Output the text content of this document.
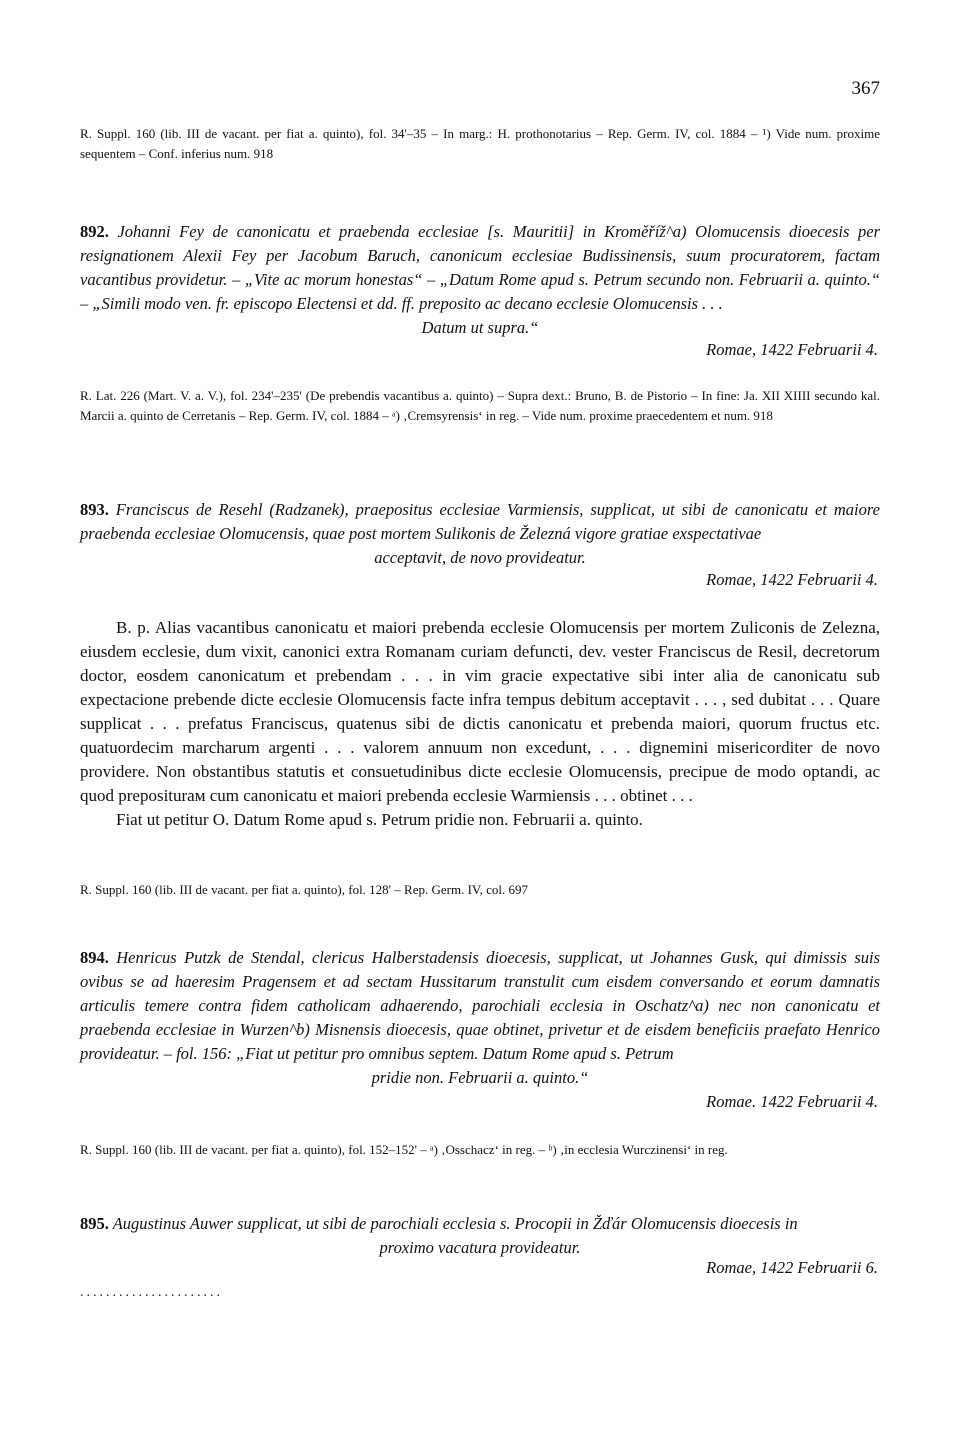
367
R. Suppl. 160 (lib. III de vacant. per fiat a. quinto), fol. 34'–35 – In marg.: H. prothonotarius – Rep. Germ. IV, col. 1884 – ¹) Vide num. proxime sequentem – Conf. inferius num. 918
892. Johanni Fey de canonicatu et praebenda ecclesiae [s. Mauritii] in Kroměříž^a) Olomucensis dioecesis per resignationem Alexii Fey per Jacobum Baruch, canonicum ecclesiae Budissinensis, suum procuratorem, factam vacantibus providetur. – „Vite ac morum honestas“ – „Datum Rome apud s. Petrum secundo non. Februarii a. quinto.“ – „Simili modo ven. fr. episcopo Electensi et dd. ff. preposito ac decano ecclesie Olomucensis . . .
Datum ut supra.“
Romae, 1422 Februarii 4.
R. Lat. 226 (Mart. V. a. V.), fol. 234'–235' (De prebendis vacantibus a. quinto) – Supra dext.: Bruno, B. de Pistorio – In fine: Ja. XII XIIII secundo kal. Marcii a. quinto de Cerretanis – Rep. Germ. IV, col. 1884 – ᵃ) ‚Cremsyrensis‘ in reg. – Vide num. proxime praecedentem et num. 918
893. Franciscus de Resehl (Radzanek), praepositus ecclesiae Varmiensis, supplicat, ut sibi de canonicatu et maiore praebenda ecclesiae Olomucensis, quae post mortem Sulikonis de Železná vigore gratiae exspectativae
acceptavit, de novo provideatur.
Romae, 1422 Februarii 4.

B. p. Alias vacantibus canonicatu et maiori prebenda ecclesie Olomucensis per mortem Zuliconis de Zelezna, eiusdem ecclesie, dum vixit, canonici extra Romanam curiam defuncti, dev. vester Franciscus de Resil, decretorum doctor, eosdem canonicatum et prebendam . . . in vim gracie expectative sibi inter alia de canonicatu sub expectacione prebende dicte ecclesie Olomucensis facte infra tempus debitum acceptavit . . . , sed dubitat . . . Quare supplicat . . . prefatus Franciscus, quatenus sibi de dictis canonicatu et prebenda maiori, quorum fructus etc. quatuordecim marcharum argenti . . . valorem annuum non excedunt, . . . dignemini misericorditer de novo providere. Non obstantibus statutis et consuetudinibus dicte ecclesie Olomucensis, precipue de modo optandi, ac quod prepositurам cum canonicatu et maiori prebenda ecclesie Warmiensis . . . obtinet . . .

Fiat ut petitur O. Datum Rome apud s. Petrum pridie non. Februarii a. quinto.

R. Suppl. 160 (lib. III de vacant. per fiat a. quinto), fol. 128' – Rep. Germ. IV, col. 697
894. Henricus Putzk de Stendal, clericus Halberstadensis dioecesis, supplicat, ut Johannes Gusk, qui dimissis suis ovibus se ad haeresim Pragensem et ad sectam Hussitarum transtulit cum eisdem conversando et eorum damnatis articulis temere contra fidem catholicam adhaerendo, parochiali ecclesia in Oschatz^a) nec non canonicatu et praebenda ecclesiae in Wurzen^b) Misnensis dioecesis, quae obtinet, privetur et de eisdem beneficiis praefato Henrico provideatur. – fol. 156: „Fiat ut petitur pro omnibus septem. Datum Rome apud s. Petrum
pridie non. Februarii a. quinto.“
Romae. 1422 Februarii 4.
R. Suppl. 160 (lib. III de vacant. per fiat a. quinto), fol. 152–152' – ᵃ) ‚Osschacz‘ in reg. – ᵇ) ‚in ecclesia Wurczinensi‘ in reg.
895. Augustinus Auwer supplicat, ut sibi de parochiali ecclesia s. Procopii in Žďár Olomucensis dioecesis in
proximo vacatura provideatur.
Romae, 1422 Februarii 6.
......................
